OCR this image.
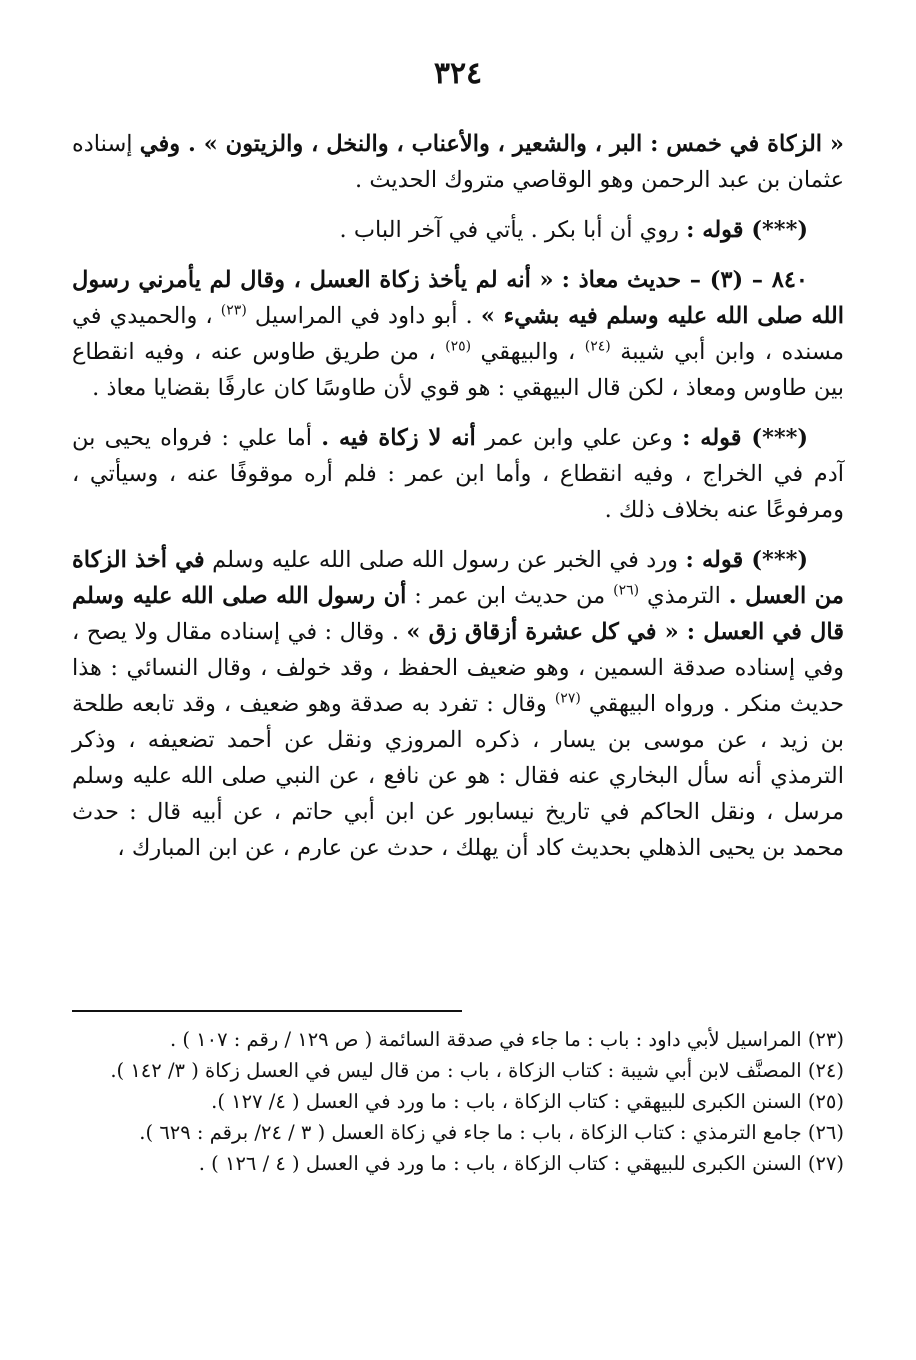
٣٢٤

« الزكاة في خمس : البر ، والشعير ، والأعناب ، والنخل ، والزيتون » . وفي إسناده عثمان بن عبد الرحمن وهو الوقاصي متروك الحديث .

(***) قوله : روي أن أبا بكر . يأتي في آخر الباب .

٨٤٠ – (٣) – حديث معاذ : « أنه لم يأخذ زكاة العسل ، وقال لم يأمرني رسول الله صلى الله عليه وسلم فيه بشيء » . أبو داود في المراسيل $^{(٢٣)}$ ، والحميدي في مسنده ، وابن أبي شيبة $^{(٢٤)}$ ، والبيهقي $^{(٢٥)}$ ، من طريق طاوس عنه ، وفيه انقطاع بين طاوس ومعاذ ، لكن قال البيهقي : هو قوي لأن طاوسًا كان عارفًا بقضايا معاذ .

(***) قوله : وعن علي وابن عمر أنه لا زكاة فيه . أما علي : فرواه يحيى بن آدم في الخراج ، وفيه انقطاع ، وأما ابن عمر : فلم أره موقوفًا عنه ، وسيأتي ، ومرفوعًا عنه بخلاف ذلك .

(***) قوله : ورد في الخبر عن رسول الله صلى الله عليه وسلم في أخذ الزكاة من العسل . الترمذي $^{(٢٦)}$ من حديث ابن عمر : أن رسول الله صلى الله عليه وسلم قال في العسل : « في كل عشرة أزقاق زق » . وقال : في إسناده مقال ولا يصح ، وفي إسناده صدقة السمين ، وهو ضعيف الحفظ ، وقد خولف ، وقال النسائي : هذا حديث منكر . ورواه البيهقي $^{(٢٧)}$ وقال : تفرد به صدقة وهو ضعيف ، وقد تابعه طلحة بن زيد ، عن موسى بن يسار ، ذكره المروزي ونقل عن أحمد تضعيفه ، وذكر الترمذي أنه سأل البخاري عنه فقال : هو عن نافع ، عن النبي صلى الله عليه وسلم مرسل ، ونقل الحاكم في تاريخ نيسابور عن ابن أبي حاتم ، عن أبيه قال : حدث محمد بن يحيى الذهلي بحديث كاد أن يهلك ، حدث عن عارم ، عن ابن المبارك ،

(٢٣) المراسيل لأبي داود : باب : ما جاء في صدقة السائمة ( ص ١٢٩ / رقم : ١٠٧ ) .

(٢٤) المصنَّف لابن أبي شيبة : كتاب الزكاة ، باب : من قال ليس في العسل زكاة ( ٣/ ١٤٢ ).

(٢٥) السنن الكبرى للبيهقي : كتاب الزكاة ، باب : ما ورد في العسل ( ٤/ ١٢٧ ).

(٢٦) جامع الترمذي : كتاب الزكاة ، باب : ما جاء في زكاة العسل ( ٣ / ٢٤/ برقم : ٦٢٩ ).

(٢٧) السنن الكبرى للبيهقي : كتاب الزكاة ، باب : ما ورد في العسل ( ٤ / ١٢٦ ) .
